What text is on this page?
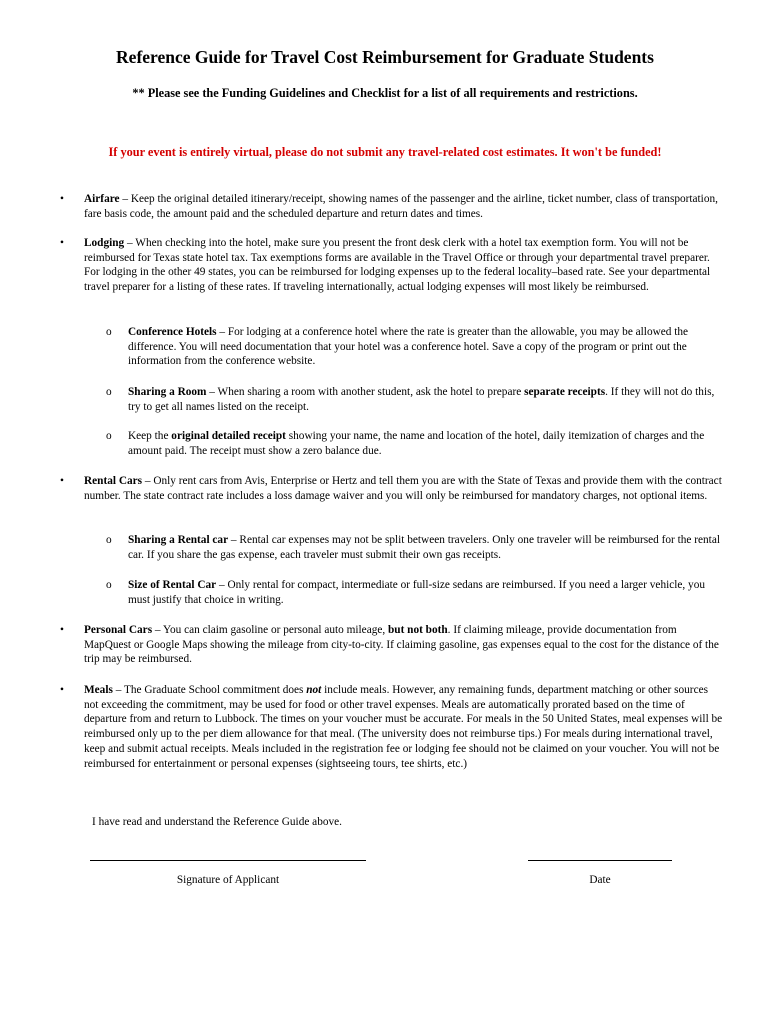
Reference Guide for Travel Cost Reimbursement for Graduate Students
** Please see the Funding Guidelines and Checklist for a list of all requirements and restrictions.
If your event is entirely virtual, please do not submit any travel-related cost estimates. It won't be funded!
• Airfare – Keep the original detailed itinerary/receipt, showing names of the passenger and the airline, ticket number, class of transportation, fare basis code, the amount paid and the scheduled departure and return dates and times.
• Lodging – When checking into the hotel, make sure you present the front desk clerk with a hotel tax exemption form. You will not be reimbursed for Texas state hotel tax. Tax exemptions forms are available in the Travel Office or through your departmental travel preparer. For lodging in the other 49 states, you can be reimbursed for lodging expenses up to the federal locality–based rate. See your departmental travel preparer for a listing of these rates. If traveling internationally, actual lodging expenses will most likely be reimbursed.
o Conference Hotels – For lodging at a conference hotel where the rate is greater than the allowable, you may be allowed the difference. You will need documentation that your hotel was a conference hotel. Save a copy of the program or print out the information from the conference website.
o Sharing a Room – When sharing a room with another student, ask the hotel to prepare separate receipts. If they will not do this, try to get all names listed on the receipt.
o Keep the original detailed receipt showing your name, the name and location of the hotel, daily itemization of charges and the amount paid. The receipt must show a zero balance due.
• Rental Cars – Only rent cars from Avis, Enterprise or Hertz and tell them you are with the State of Texas and provide them with the contract number. The state contract rate includes a loss damage waiver and you will only be reimbursed for mandatory charges, not optional items.
o Sharing a Rental car – Rental car expenses may not be split between travelers. Only one traveler will be reimbursed for the rental car. If you share the gas expense, each traveler must submit their own gas receipts.
o Size of Rental Car – Only rental for compact, intermediate or full-size sedans are reimbursed. If you need a larger vehicle, you must justify that choice in writing.
• Personal Cars – You can claim gasoline or personal auto mileage, but not both. If claiming mileage, provide documentation from MapQuest or Google Maps showing the mileage from city-to-city. If claiming gasoline, gas expenses equal to the cost for the distance of the trip may be reimbursed.
• Meals – The Graduate School commitment does not include meals. However, any remaining funds, department matching or other sources not exceeding the commitment, may be used for food or other travel expenses. Meals are automatically prorated based on the time of departure from and return to Lubbock. The times on your voucher must be accurate. For meals in the 50 United States, meal expenses will be reimbursed only up to the per diem allowance for that meal. (The university does not reimburse tips.) For meals during international travel, keep and submit actual receipts. Meals included in the registration fee or lodging fee should not be claimed on your voucher. You will not be reimbursed for entertainment or personal expenses (sightseeing tours, tee shirts, etc.)
I have read and understand the Reference Guide above.
Signature of Applicant	Date
